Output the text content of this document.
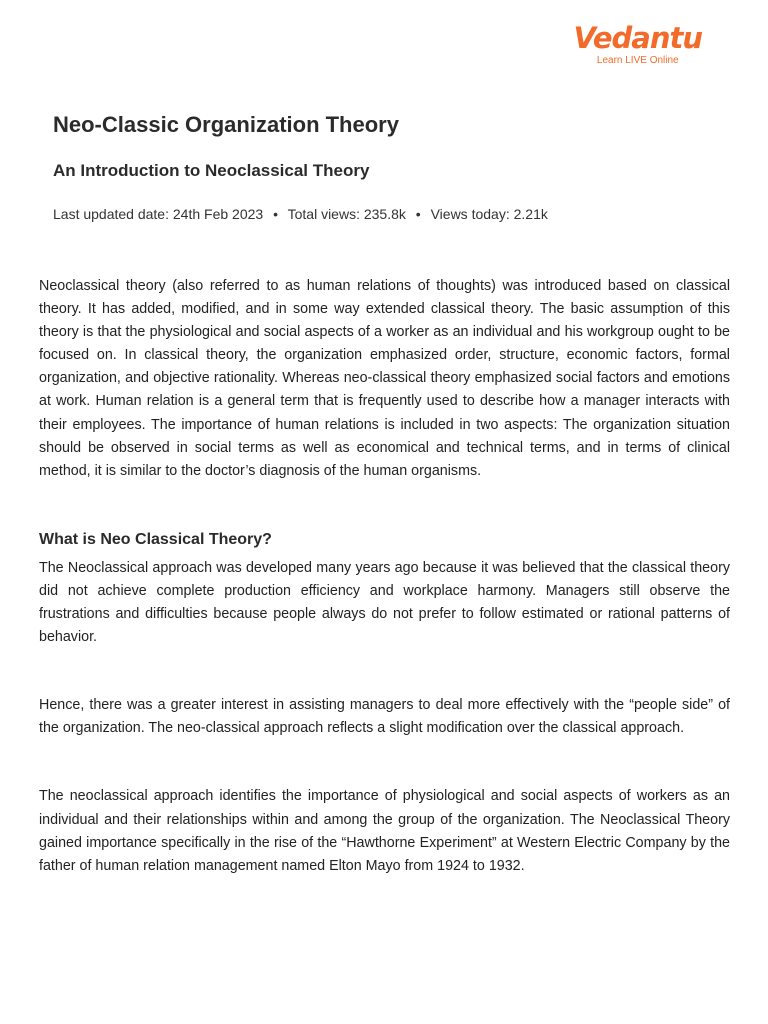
Vedantu
Learn LIVE Online
Neo-Classic Organization Theory
An Introduction to Neoclassical Theory
Last updated date: 24th Feb 2023 • Total views: 235.8k • Views today: 2.21k

Neoclassical theory (also referred to as human relations of thoughts) was introduced based on classical theory. It has added, modified, and in some way extended classical theory. The basic assumption of this theory is that the physiological and social aspects of a worker as an individual and his workgroup ought to be focused on. In classical theory, the organization emphasized order, structure, economic factors, formal organization, and objective rationality. Whereas neo-classical theory emphasized social factors and emotions at work. Human relation is a general term that is frequently used to describe how a manager interacts with their employees. The importance of human relations is included in two aspects: The organization situation should be observed in social terms as well as economical and technical terms, and in terms of clinical method, it is similar to the doctor’s diagnosis of the human organisms.

What is Neo Classical Theory?

The Neoclassical approach was developed many years ago because it was believed that the classical theory did not achieve complete production efficiency and workplace harmony. Managers still observe the frustrations and difficulties because people always do not prefer to follow estimated or rational patterns of behavior.

Hence, there was a greater interest in assisting managers to deal more effectively with the “people side” of the organization. The neo-classical approach reflects a slight modification over the classical approach.

The neoclassical approach identifies the importance of physiological and social aspects of workers as an individual and their relationships within and among the group of the organization. The Neoclassical Theory gained importance specifically in the rise of the “Hawthorne Experiment” at Western Electric Company by the father of human relation management named Elton Mayo from 1924 to 1932.
